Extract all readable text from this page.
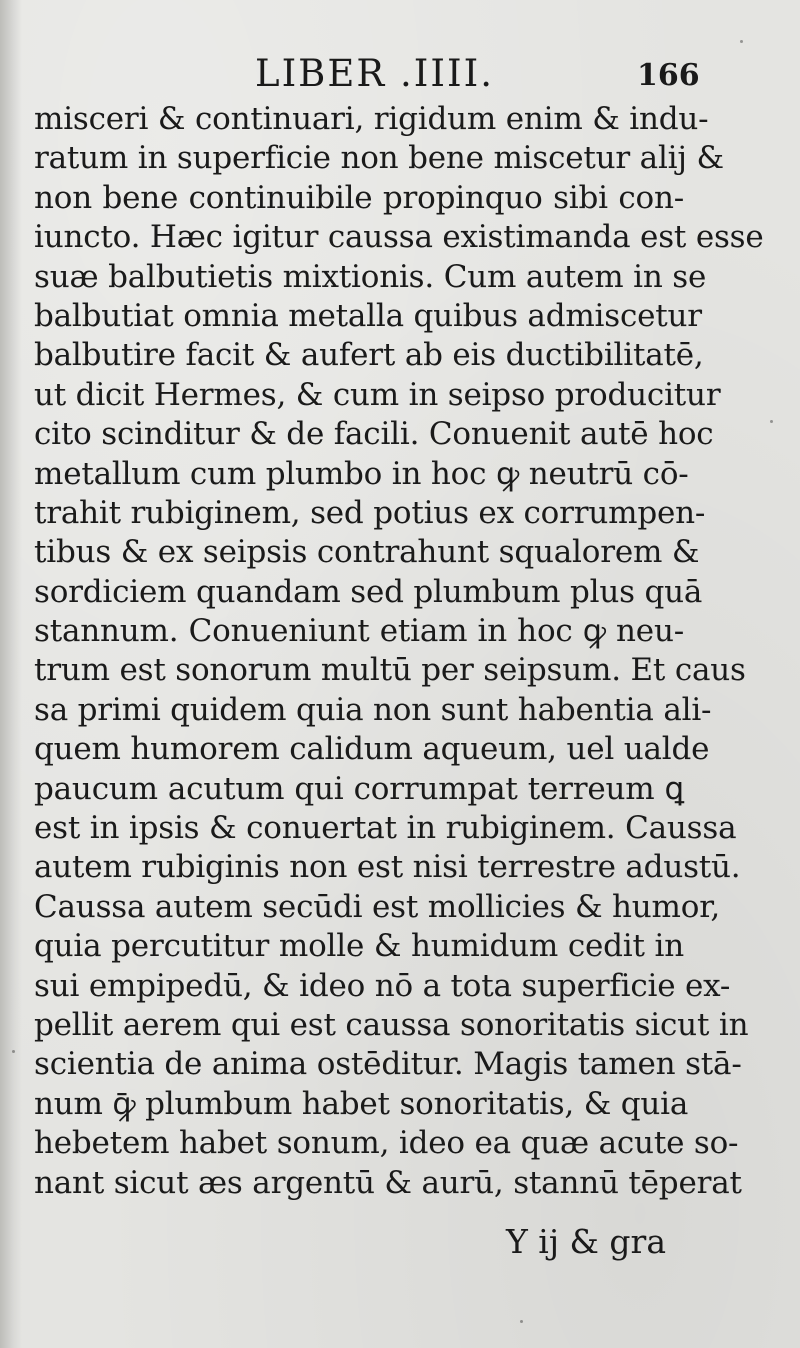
LIBER .IIII.	166
misceri & continuari, rigidum enim & indu-
ratum in superficie non bene miscetur alij &
non bene continuibile propinquo sibi con-
iuncto. Hæc igitur caussa existimanda est esse
suæ balbutietis mixtionis. Cum autem in se
balbutiat omnia metalla quibus admiscetur
balbutire facit & aufert ab eis ductibilitatē,
ut dicit Hermes, & cum in seipso producitur
cito scinditur & de facili. Conuenit autē hoc
metallum cum plumbo in hoc ꝙ neutrū cō-
trahit rubiginem, sed potius ex corrumpen-
tibus & ex seipsis contrahunt squalorem &
sordiciem quandam sed plumbum plus quā
stannum. Conueniunt etiam in hoc ꝙ neu-
trum est sonorum multū per seipsum. Et caus
sa primi quidem quia non sunt habentia ali-
quem humorem calidum aqueum, uel ualde
paucum acutum qui corrumpat terreum ꝗ
est in ipsis & conuertat in rubiginem. Caussa
autem rubiginis non est nisi terrestre adustū.
Caussa autem secūdi est mollicies & humor,
quia percutitur molle & humidum cedit in
sui empipedū, & ideo nō a tota superficie ex-
pellit aerem qui est caussa sonoritatis sicut in
scientia de anima ostēditur. Magis tamen stā-
num ꝙ̄ plumbum habet sonoritatis, & quia
hebetem habet sonum, ideo ea quæ acute so-
nant sicut æs argentū & aurū, stannū tēperat
Y ij & gra
